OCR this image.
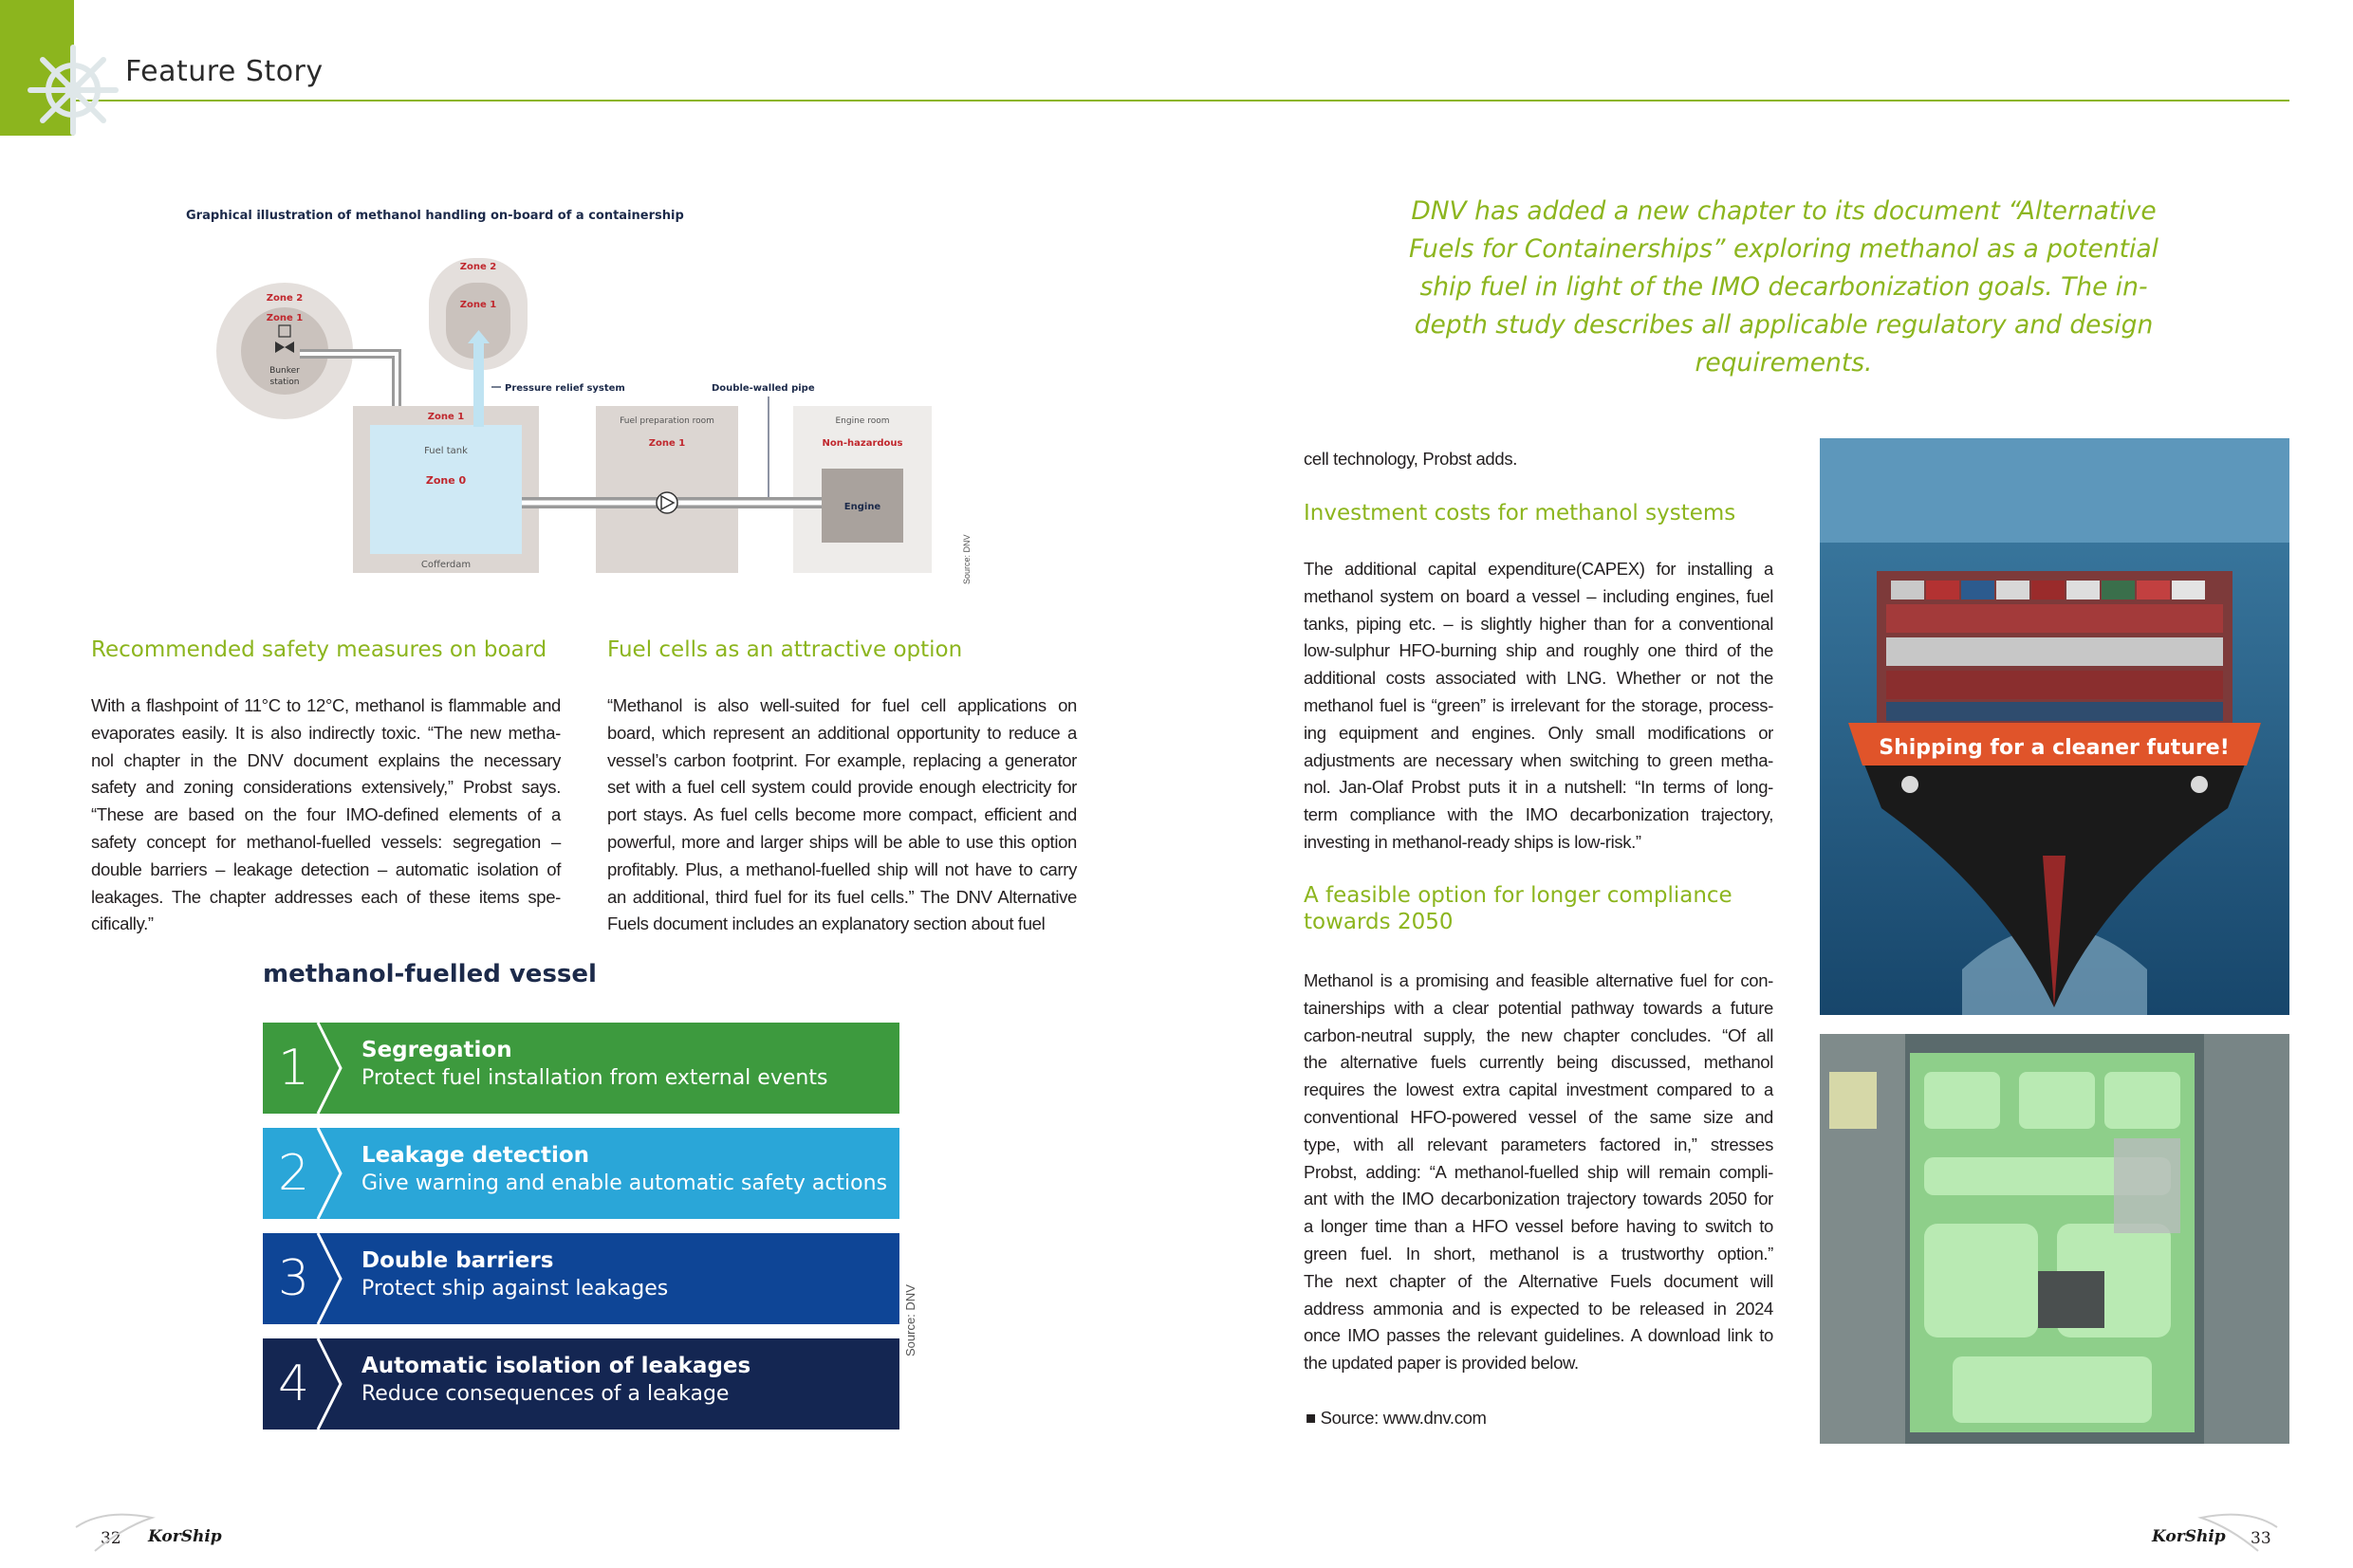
Feature Story
DNV has added a new chapter to its document “Alternative Fuels for Containerships” exploring methanol as a potential ship fuel in light of the IMO decarbonization goals. The in-depth study describes all applicable regulatory and design requirements.
Graphical illustration of methanol handling on-board of a containership
Zone 2
Zone 1
Bunker
station
Zone 2
Zone 1
Zone 1
Fuel tank
Zone 0
Cofferdam
Pressure relief system	Double-walled pipe
Fuel preparation room
Zone 1
Engine room
Non-hazardous
Engine
Source: DNV
Recommended safety measures on board
With a flashpoint of 11°C to 12°C, methanol is flammable and
evaporates easily. It is also indirectly toxic. “The new metha-
nol chapter in the DNV document explains the necessary
safety and zoning considerations extensively,” Probst says.
“These are based on the four IMO-defined elements of a
safety concept for methanol-fuelled vessels: segregation –
double barriers – leakage detection – automatic isolation of
leakages. The chapter addresses each of these items spe-
cifically.”
Fuel cells as an attractive option
“Methanol is also well-suited for fuel cell applications on
board, which represent an additional opportunity to reduce a
vessel’s carbon footprint. For example, replacing a generator
set with a fuel cell system could provide enough electricity for
port stays. As fuel cells become more compact, efficient and
powerful, more and larger ships will be able to use this option
profitably. Plus, a methanol-fuelled ship will not have to carry
an additional, third fuel for its fuel cells.” The DNV Alternative
Fuels document includes an explanatory section about fuel
methanol-fuelled vessel
1	Segregation
Protect fuel installation from external events
2	Leakage detection
Give warning and enable automatic safety actions
3	Double barriers
Protect ship against leakages
4	Automatic isolation of leakages
Reduce consequences of a leakage
Source: DNV
cell technology, Probst adds.
Investment costs for methanol systems
The additional capital expenditure(CAPEX) for installing a
methanol system on board a vessel – including engines, fuel
tanks, piping etc. – is slightly higher than for a conventional
low-sulphur HFO-burning ship and roughly one third of the
additional costs associated with LNG. Whether or not the
methanol fuel is “green” is irrelevant for the storage, process-
ing equipment and engines. Only small modifications or
adjustments are necessary when switching to green metha-
nol. Jan-Olaf Probst puts it in a nutshell: “In terms of long-
term compliance with the IMO decarbonization trajectory,
investing in methanol-ready ships is low-risk.”
A feasible option for longer compliance
towards 2050
Methanol is a promising and feasible alternative fuel for con-
tainerships with a clear potential pathway towards a future
carbon-neutral supply, the new chapter concludes. “Of all
the alternative fuels currently being discussed, methanol
requires the lowest extra capital investment compared to a
conventional HFO-powered vessel of the same size and
type, with all relevant parameters factored in,” stresses
Probst, adding: “A methanol-fuelled ship will remain compli-
ant with the IMO decarbonization trajectory towards 2050 for
a longer time than a HFO vessel before having to switch to
green fuel. In short, methanol is a trustworthy option.”
The next chapter of the Alternative Fuels document will
address ammonia and is expected to be released in 2024
once IMO passes the relevant guidelines. A download link to
the updated paper is provided below.
■ Source: www.dnv.com
Shipping for a cleaner future!
32 KorShip	KorShip 33
